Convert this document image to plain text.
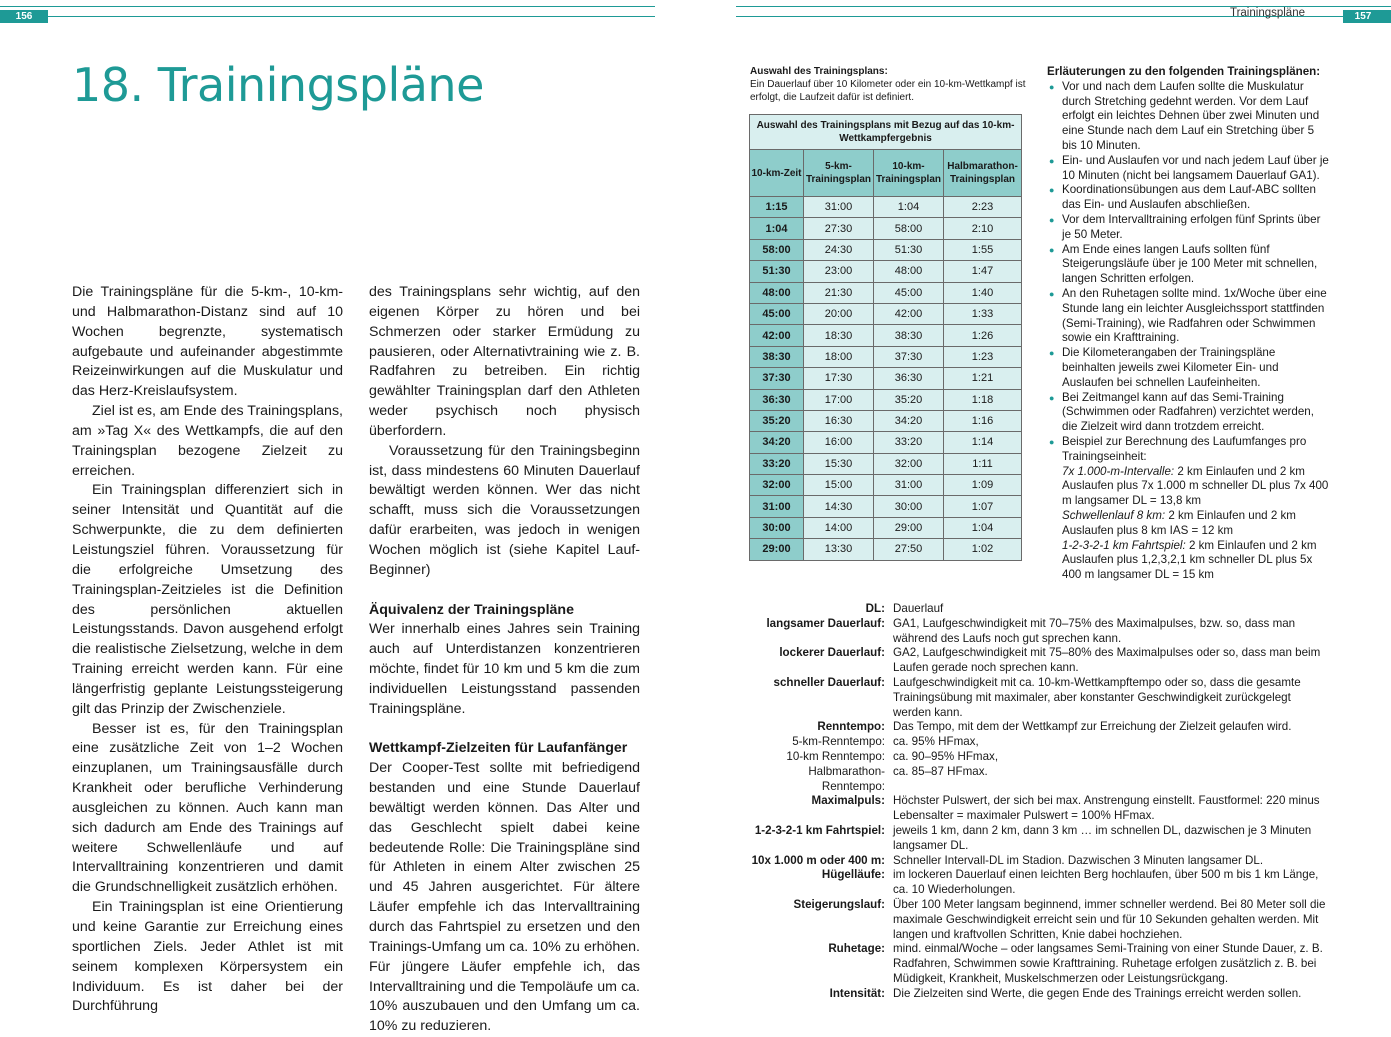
156	157
Trainingspläne
18. Trainingspläne

Die Trainingspläne für die 5-km-, 10-km- und Halbmarathon-Distanz sind auf 10 Wochen begrenzte, systematisch aufgebaute und aufeinander abgestimmte Reizeinwirkungen auf die Muskulatur und das Herz-Kreislaufsystem.

Ziel ist es, am Ende des Trainingsplans, am »Tag X« des Wettkampfs, die auf den Trainingsplan bezogene Zielzeit zu erreichen.

Ein Trainingsplan differenziert sich in seiner Intensität und Quantität auf die Schwerpunkte, die zu dem definierten Leistungsziel führen. Voraussetzung für die erfolgreiche Umsetzung des Trainingsplan-Zeitzieles ist die Definition des persönlichen aktuellen Leistungsstands. Davon ausgehend erfolgt die realistische Zielsetzung, welche in dem Training erreicht werden kann. Für eine längerfristig geplante Leistungssteigerung gilt das Prinzip der Zwischenziele.

Besser ist es, für den Trainingsplan eine zusätzliche Zeit von 1–2 Wochen einzuplanen, um Trainingsausfälle durch Krankheit oder berufliche Verhinderung ausgleichen zu können. Auch kann man sich dadurch am Ende des Trainings auf weitere Schwellenläufe und auf Intervalltraining konzentrieren und damit die Grundschnelligkeit zusätzlich erhöhen.

Ein Trainingsplan ist eine Orientierung und keine Garantie zur Erreichung eines sportlichen Ziels. Jeder Athlet ist mit seinem komplexen Körpersystem ein Individuum. Es ist daher bei der Durchführung

des Trainingsplans sehr wichtig, auf den eigenen Körper zu hören und bei Schmerzen oder starker Ermüdung zu pausieren, oder Alternativtraining wie z. B. Radfahren zu betreiben. Ein richtig gewählter Trainingsplan darf den Athleten weder psychisch noch physisch überfordern.

Voraussetzung für den Trainingsbeginn ist, dass mindestens 60 Minuten Dauerlauf bewältigt werden können. Wer das nicht schafft, muss sich die Voraussetzungen dafür erarbeiten, was jedoch in wenigen Wochen möglich ist (siehe Kapitel Lauf-Beginner)

Äquivalenz der Trainingspläne

Wer innerhalb eines Jahres sein Training auch auf Unterdistanzen konzentrieren möchte, findet für 10 km und 5 km die zum individuellen Leistungsstand passenden Trainingspläne.

Wettkampf-Zielzeiten für Laufanfänger

Der Cooper-Test sollte mit befriedigend bestanden und eine Stunde Dauerlauf bewältigt werden können. Das Alter und das Geschlecht spielt dabei keine bedeutende Rolle: Die Trainingspläne sind für Athleten in einem Alter zwischen 25 und 45 Jahren ausgerichtet. Für ältere Läufer empfehle ich das Intervalltraining durch das Fahrtspiel zu ersetzen und den Trainings-Umfang um ca. 10% zu erhöhen. Für jüngere Läufer empfehle ich, das Intervalltraining und die Tempoläufe um ca. 10% auszubauen und den Umfang um ca. 10% zu reduzieren.

Auswahl des Trainingsplans:
Ein Dauerlauf über 10 Kilometer oder ein 10-km-Wettkampf ist erfolgt, die Laufzeit dafür ist definiert.
Auswahl des Trainingsplans mit Bezug auf das 10-km-Wettkampfergebnis			
10-km-Zeit	5-km-Trainingsplan	10-km-Trainingsplan	Halbmarathon-Trainingsplan
1:15	31:00	1:04	2:23
1:04	27:30	58:00	2:10
58:00	24:30	51:30	1:55
51:30	23:00	48:00	1:47
48:00	21:30	45:00	1:40
45:00	20:00	42:00	1:33
42:00	18:30	38:30	1:26
38:30	18:00	37:30	1:23
37:30	17:30	36:30	1:21
36:30	17:00	35:20	1:18
35:20	16:30	34:20	1:16
34:20	16:00	33:20	1:14
33:20	15:30	32:00	1:11
32:00	15:00	31:00	1:09
31:00	14:30	30:00	1:07
30:00	14:00	29:00	1:04
29:00	13:30	27:50	1:02
Erläuterungen zu den folgenden Trainingsplänen:
● Vor und nach dem Laufen sollte die Muskulatur durch Stretching gedehnt werden. Vor dem Lauf erfolgt ein leichtes Dehnen über zwei Minuten und eine Stunde nach dem Lauf ein Stretching über 5 bis 10 Minuten.
● Ein- und Auslaufen vor und nach jedem Lauf über je 10 Minuten (nicht bei langsamem Dauerlauf GA1).
● Koordinationsübungen aus dem Lauf-ABC sollten das Ein- und Auslaufen abschließen.
● Vor dem Intervalltraining erfolgen fünf Sprints über je 50 Meter.
● Am Ende eines langen Laufs sollten fünf Steigerungsläufe über je 100 Meter mit schnellen, langen Schritten erfolgen.
● An den Ruhetagen sollte mind. 1x/Woche über eine Stunde lang ein leichter Ausgleichssport stattfinden (Semi-Training), wie Radfahren oder Schwimmen sowie ein Krafttraining.
● Die Kilometerangaben der Trainingspläne beinhalten jeweils zwei Kilometer Ein- und Auslaufen bei schnellen Laufeinheiten.
● Bei Zeitmangel kann auf das Semi-Training (Schwimmen oder Radfahren) verzichtet werden, die Zielzeit wird dann trotzdem erreicht.
● Beispiel zur Berechnung des Laufumfanges pro Trainingseinheit:
7x 1.000-m-Intervalle: 2 km Einlaufen und 2 km Auslaufen plus 7x 1.000 m schneller DL plus 7x 400 m langsamer DL = 13,8 km
Schwellenlauf 8 km: 2 km Einlaufen und 2 km Auslaufen plus 8 km IAS = 12 km
1-2-3-2-1 km Fahrtspiel: 2 km Einlaufen und 2 km Auslaufen plus 1,2,3,2,1 km schneller DL plus 5x 400 m langsamer DL = 15 km
DL: Dauerlauf
langsamer Dauerlauf: GA1, Laufgeschwindigkeit mit 70–75% des Maximalpulses, bzw. so, dass man während des Laufs noch gut sprechen kann.
lockerer Dauerlauf: GA2, Laufgeschwindigkeit mit 75–80% des Maximalpulses oder so, dass man beim Laufen gerade noch sprechen kann.
schneller Dauerlauf: Laufgeschwindigkeit mit ca. 10-km-Wettkampftempo oder so, dass die gesamte Trainingsübung mit maximaler, aber konstanter Geschwindigkeit zurückgelegt werden kann.
Renntempo: Das Tempo, mit dem der Wettkampf zur Erreichung der Zielzeit gelaufen wird.
5-km-Renntempo: ca. 95% HFmax,
10-km Renntempo: ca. 90–95% HFmax,
Halbmarathon-Renntempo:
ca. 85–87 HFmax.
Maximalpuls: Höchster Pulswert, der sich bei max. Anstrengung einstellt. Faustformel: 220 minus Lebensalter = maximaler Pulswert = 100% HFmax.
1-2-3-2-1 km Fahrtspiel: jeweils 1 km, dann 2 km, dann 3 km … im schnellen DL, dazwischen je 3 Minuten langsamer DL.
10x 1.000 m oder 400 m: Schneller Intervall-DL im Stadion. Dazwischen 3 Minuten langsamer DL.
Hügelläufe: im lockeren Dauerlauf einen leichten Berg hochlaufen, über 500 m bis 1 km Länge, ca. 10 Wiederholungen.
Steigerungslauf: Über 100 Meter langsam beginnend, immer schneller werdend. Bei 80 Meter soll die maximale Geschwindigkeit erreicht sein und für 10 Sekunden gehalten werden. Mit langen und kraftvollen Schritten, Knie dabei hochziehen.
Ruhetage: mind. einmal/Woche – oder langsames Semi-Training von einer Stunde Dauer, z. B. Radfahren, Schwimmen sowie Krafttraining. Ruhetage erfolgen zusätzlich z. B. bei Müdigkeit, Krankheit, Muskelschmerzen oder Leistungsrückgang.
Intensität: Die Zielzeiten sind Werte, die gegen Ende des Trainings erreicht werden sollen.
